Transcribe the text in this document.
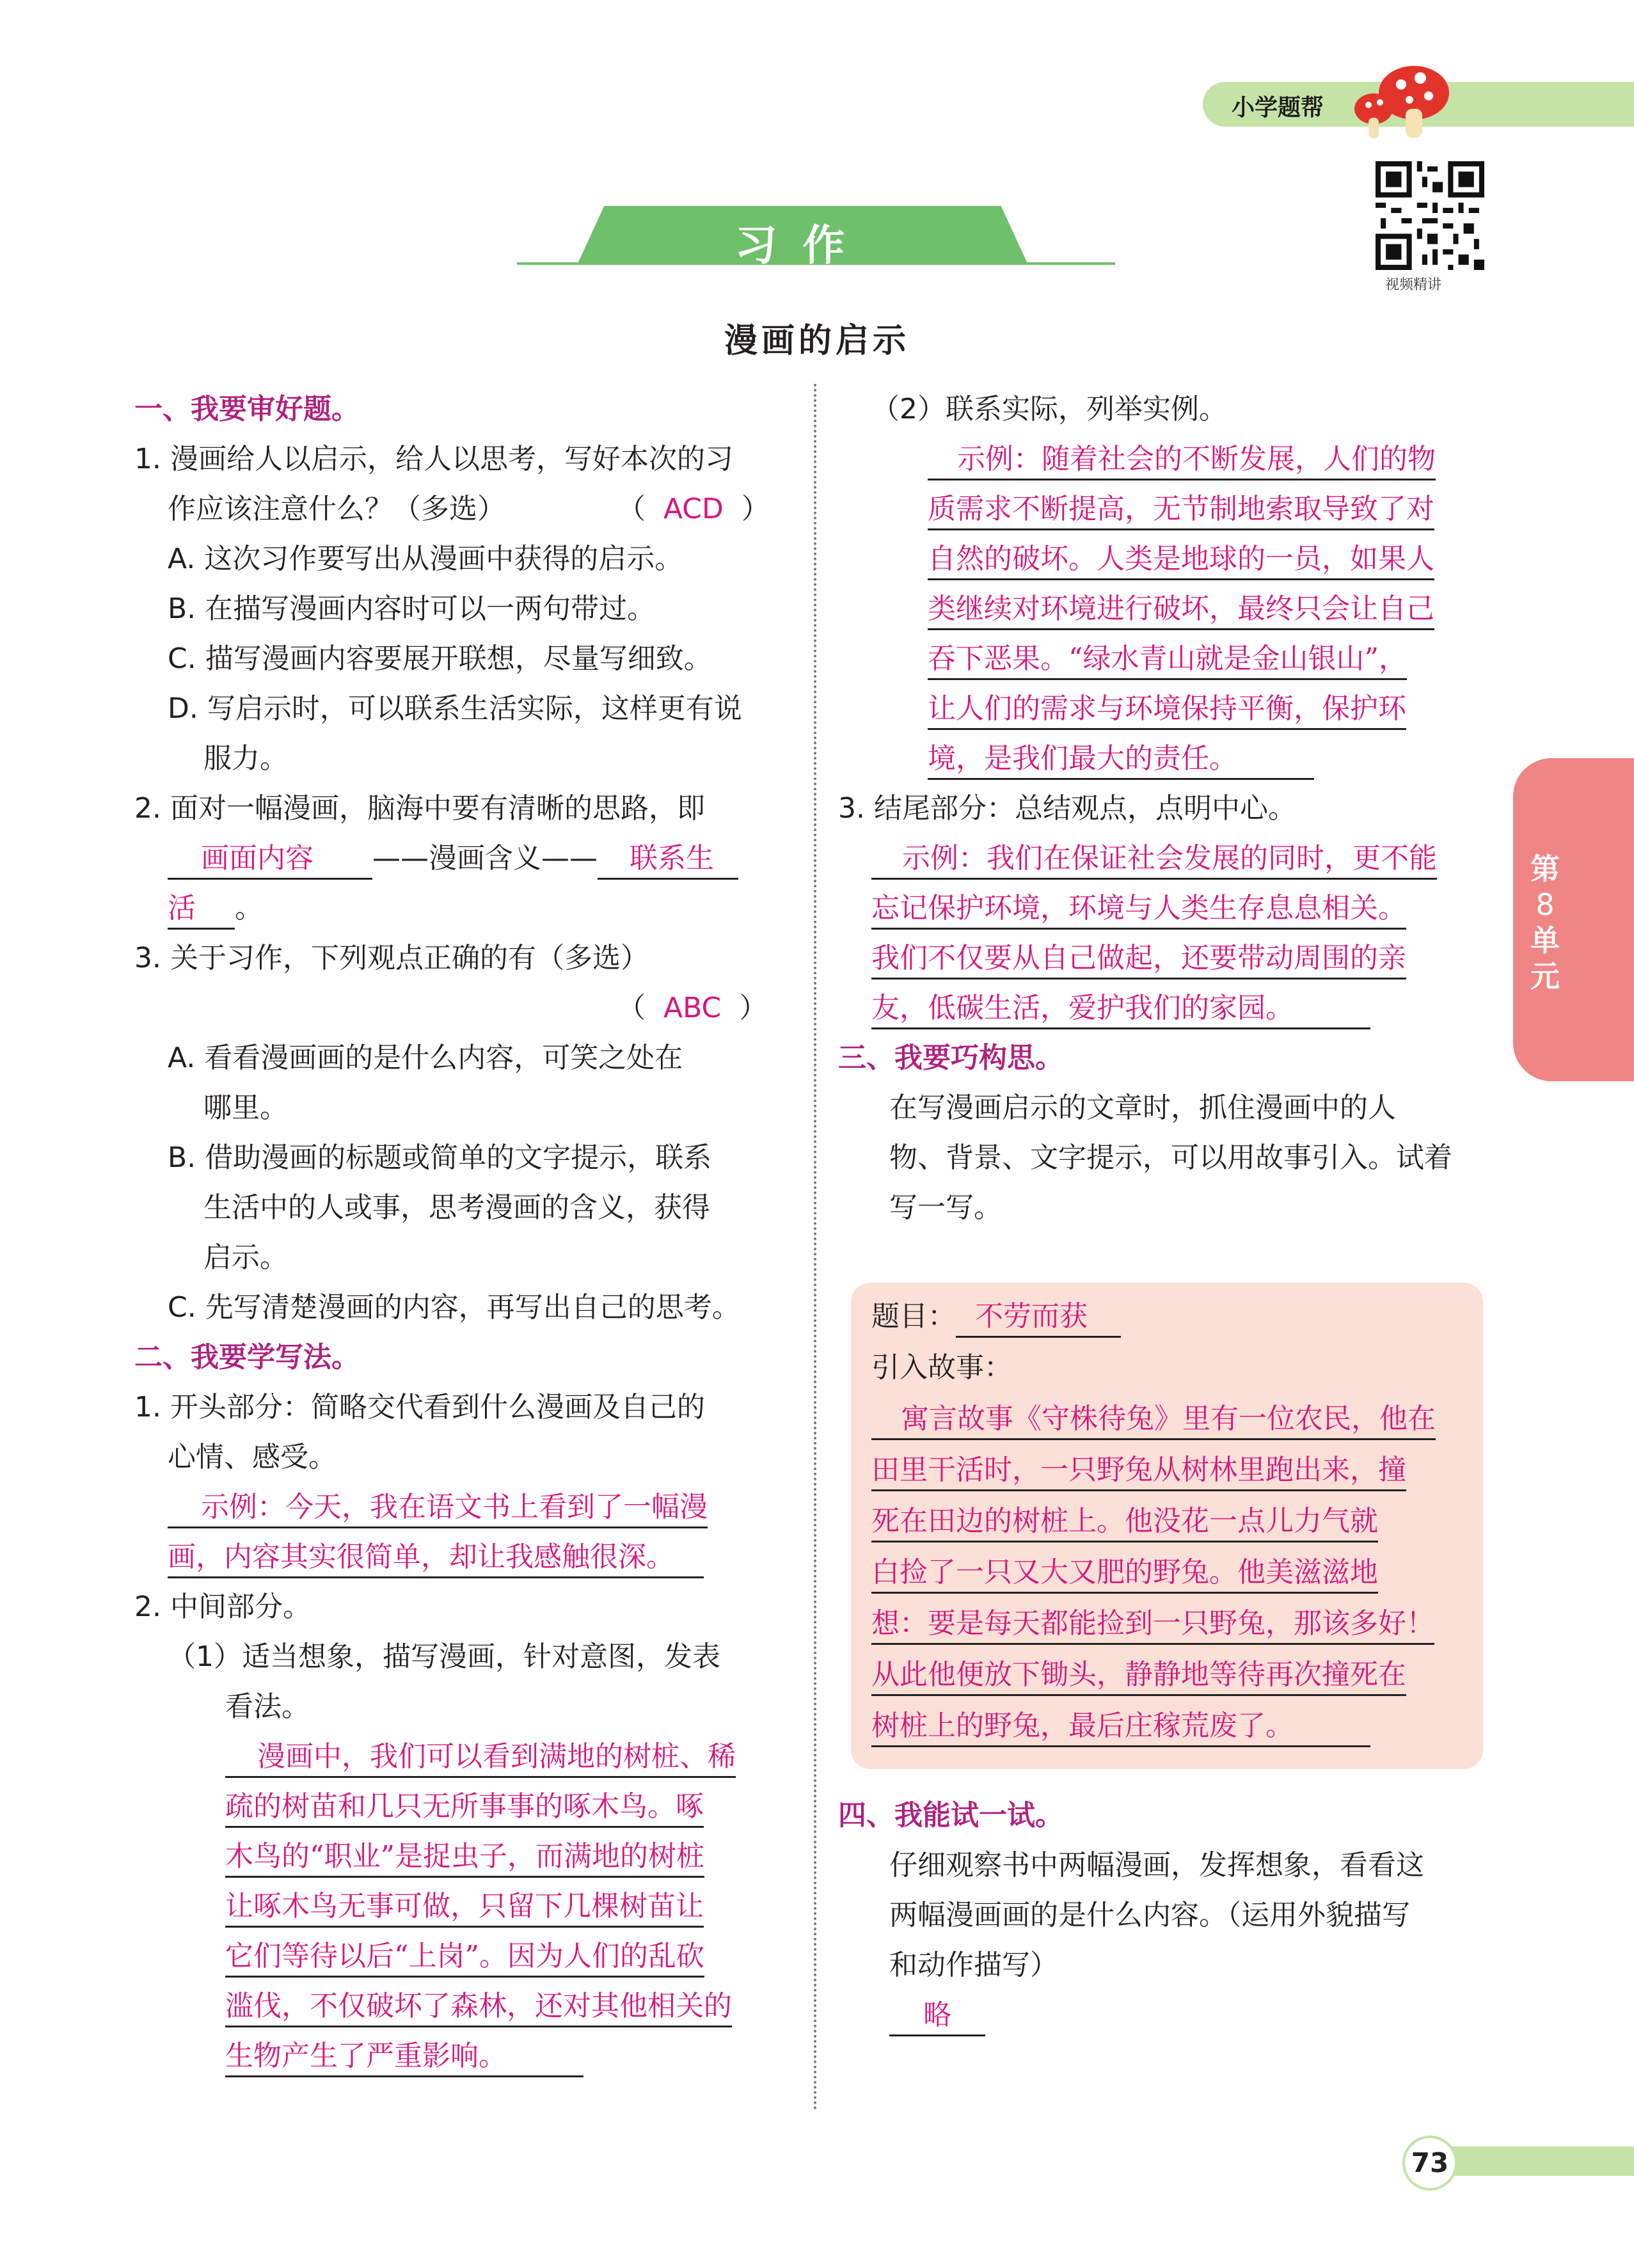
小学题帮
视频精讲
习作
漫画的启示
一、我要审好题。
1. 漫画给人以启示，给人以思考，写好本次的习
作应该注意什么？（多选）	（  ACD  ）
A. 这次习作要写出从漫画中获得的启示。
B. 在描写漫画内容时可以一两句带过。
C. 描写漫画内容要展开联想，尽量写细致。
D. 写启示时，可以联系生活实际，这样更有说
服力。
2. 面对一幅漫画，脑海中要有清晰的思路，即
画面内容 ——漫画含义—— 联系生
活 。
3. 关于习作，下列观点正确的有（多选）
（  ABC  ）
A. 看看漫画画的是什么内容，可笑之处在
哪里。
B. 借助漫画的标题或简单的文字提示，联系
生活中的人或事，思考漫画的含义，获得
启示。
C. 先写清楚漫画的内容，再写出自己的思考。
二、我要学写法。
1. 开头部分：简略交代看到什么漫画及自己的
心情、感受。
示例：今天，我在语文书上看到了一幅漫
画，内容其实很简单，却让我感触很深。
2. 中间部分。
（1）适当想象，描写漫画，针对意图，发表
看法。
漫画中，我们可以看到满地的树桩、稀
疏的树苗和几只无所事事的啄木鸟。啄
木鸟的“职业”是捉虫子，而满地的树桩
让啄木鸟无事可做，只留下几棵树苗让
它们等待以后“上岗”。因为人们的乱砍
滥伐，不仅破坏了森林，还对其他相关的
生物产生了严重影响。
（2）联系实际，列举实例。
示例：随着社会的不断发展，人们的物
质需求不断提高，无节制地索取导致了对
自然的破坏。人类是地球的一员，如果人
类继续对环境进行破坏，最终只会让自己
吞下恶果。“绿水青山就是金山银山”，
让人们的需求与环境保持平衡，保护环
境，是我们最大的责任。
3. 结尾部分：总结观点，点明中心。
示例：我们在保证社会发展的同时，更不能
忘记保护环境，环境与人类生存息息相关。
我们不仅要从自己做起，还要带动周围的亲
友，低碳生活，爱护我们的家园。
三、我要巧构思。
在写漫画启示的文章时，抓住漫画中的人
物、背景、文字提示，可以用故事引入。试着
写一写。
题目： 不劳而获
引入故事：
寓言故事《守株待兔》里有一位农民，他在
田里干活时，一只野兔从树林里跑出来，撞
死在田边的树桩上。他没花一点儿力气就
白捡了一只又大又肥的野兔。他美滋滋地
想：要是每天都能捡到一只野兔，那该多好！
从此他便放下锄头，静静地等待再次撞死在
树桩上的野兔，最后庄稼荒废了。
四、我能试一试。
仔细观察书中两幅漫画，发挥想象，看看这
两幅漫画画的是什么内容。（运用外貌描写
和动作描写）
略
第
8
单
元
73
